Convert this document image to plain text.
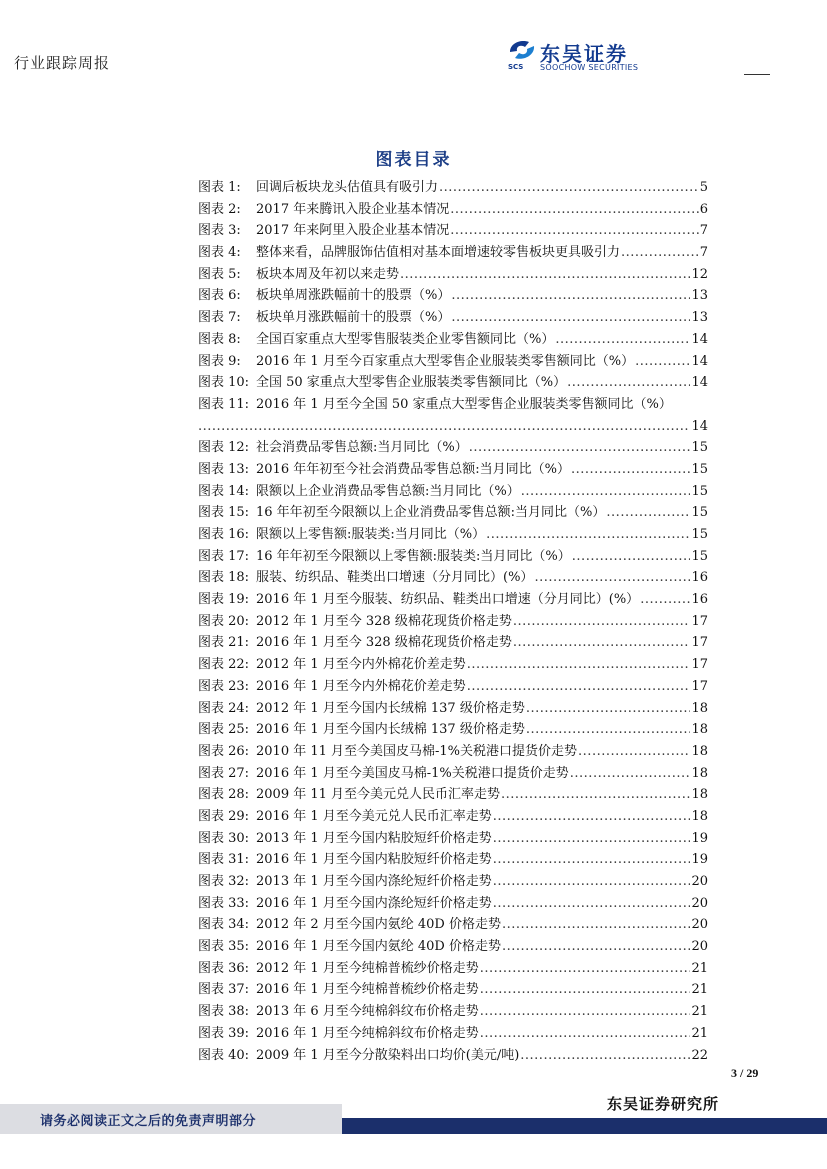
行业跟踪周报	SCS
东吴证券
SOOCHOW SECURITIES
图表目录
图表 1:	回调后板块龙头估值具有吸引力 .....	5
图表 2:	2017 年来腾讯入股企业基本情况 .....	6
图表 3:	2017 年来阿里入股企业基本情况 .....	7
图表 4:	整体来看，品牌服饰估值相对基本面增速较零售板块更具吸引力 .....	7
图表 5:	板块本周及年初以来走势 .....	12
图表 6:	板块单周涨跌幅前十的股票（%） .....	13
图表 7:	板块单月涨跌幅前十的股票（%） .....	13
图表 8:	全国百家重点大型零售服装类企业零售额同比（%） .....	14
图表 9:	2016 年 1 月至今百家重点大型零售企业服装类零售额同比（%） .....	14
图表 10: 全国 50 家重点大型零售企业服装类零售额同比（%） .....	14
图表 11: 2016 年 1 月至今全国 50 家重点大型零售企业服装类零售额同比（%）
.....
14
图表 12: 社会消费品零售总额:当月同比（%） .....	15
图表 13: 2016 年年初至今社会消费品零售总额:当月同比（%） .....	15
图表 14: 限额以上企业消费品零售总额:当月同比（%） .....	15
图表 15: 16 年年初至今限额以上企业消费品零售总额:当月同比（%） .....	15
图表 16: 限额以上零售额:服装类:当月同比（%） .....	15
图表 17: 16 年年初至今限额以上零售额:服装类:当月同比（%） .....	15
图表 18: 服装、纺织品、鞋类出口增速（分月同比）(%） .....	16
图表 19: 2016 年 1 月至今服装、纺织品、鞋类出口增速（分月同比）(%） .....	16
图表 20: 2012 年 1 月至今 328 级棉花现货价格走势 .....	17
图表 21: 2016 年 1 月至今 328 级棉花现货价格走势 .....	17
图表 22: 2012 年 1 月至今内外棉花价差走势 .....	17
图表 23: 2016 年 1 月至今内外棉花价差走势 .....	17
图表 24: 2012 年 1 月至今国内长绒棉 137 级价格走势 .....	18
图表 25: 2016 年 1 月至今国内长绒棉 137 级价格走势 .....	18
图表 26: 2010 年 11 月至今美国皮马棉-1%关税港口提货价走势 .....	18
图表 27: 2016 年 1 月至今美国皮马棉-1%关税港口提货价走势 .....	18
图表 28: 2009 年 11 月至今美元兑人民币汇率走势 .....	18
图表 29: 2016 年 1 月至今美元兑人民币汇率走势 .....	18
图表 30: 2013 年 1 月至今国内粘胶短纤价格走势 .....	19
图表 31: 2016 年 1 月至今国内粘胶短纤价格走势 .....	19
图表 32: 2013 年 1 月至今国内涤纶短纤价格走势 .....	20
图表 33: 2016 年 1 月至今国内涤纶短纤价格走势 .....	20
图表 34: 2012 年 2 月至今国内氨纶 40D 价格走势 .....	20
图表 35: 2016 年 1 月至今国内氨纶 40D 价格走势 .....	20
图表 36: 2012 年 1 月至今纯棉普梳纱价格走势 .....	21
图表 37: 2016 年 1 月至今纯棉普梳纱价格走势 .....	21
图表 38: 2013 年 6 月至今纯棉斜纹布价格走势 .....	21
图表 39: 2016 年 1 月至今纯棉斜纹布价格走势 .....	21
图表 40: 2009 年 1 月至今分散染料出口均价(美元/吨) .....	22
3 / 29
东吴证券研究所
请务必阅读正文之后的免责声明部分
